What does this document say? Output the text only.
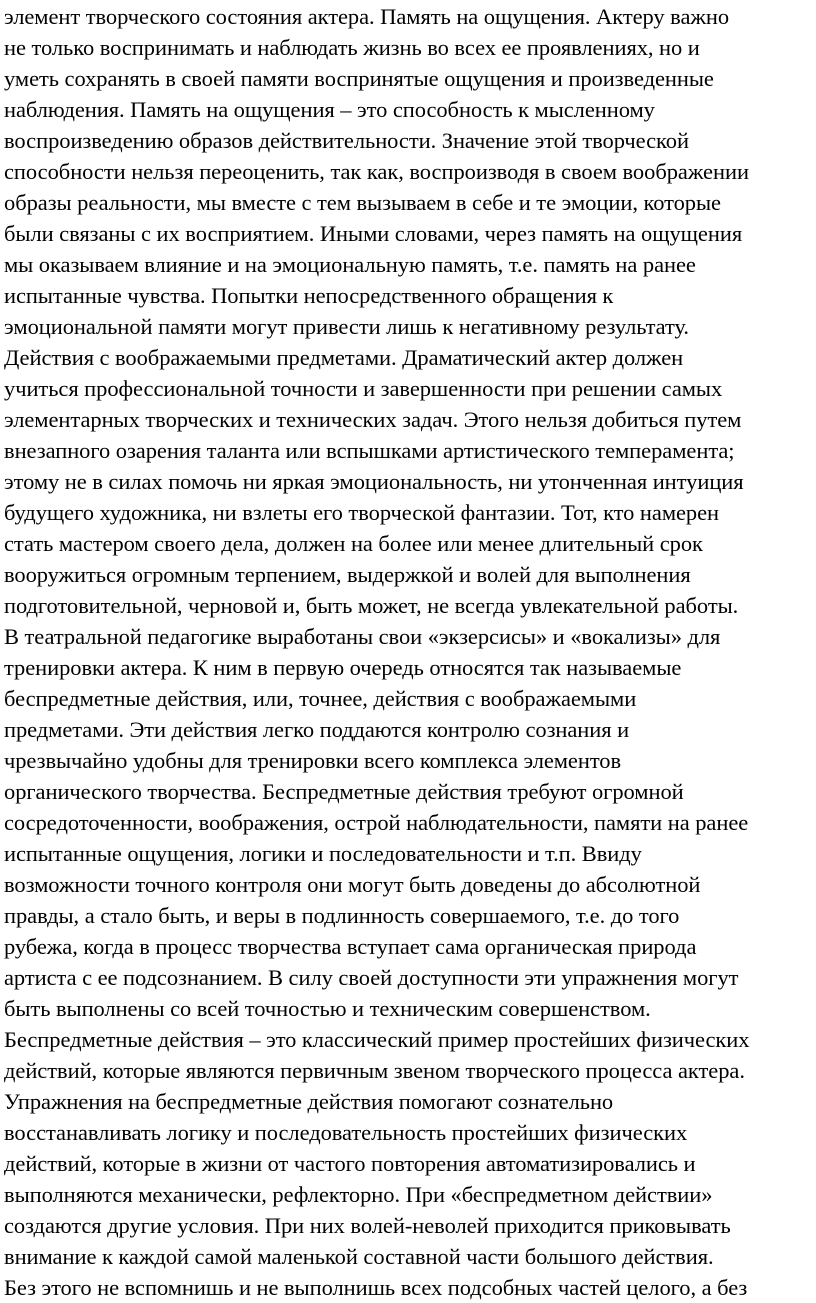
элемент творческого состояния актера. Память на ощущения. Актеру важно
не только воспринимать и наблюдать жизнь во всех ее проявлениях, но и
уметь сохранять в своей памяти воспринятые ощущения и произведенные
наблюдения. Память на ощущения – это способность к мысленному
воспроизведению образов действительности. Значение этой творческой
способности нельзя переоценить, так как, воспроизводя в своем воображении
образы реальности, мы вместе с тем вызываем в себе и те эмоции, которые
были связаны с их восприятием. Иными словами, через память на ощущения
мы оказываем влияние и на эмоциональную память, т.е. память на ранее
испытанные чувства. Попытки непосредственного обращения к
эмоциональной памяти могут привести лишь к негативному результату.
Действия с воображаемыми предметами. Драматический актер должен
учиться профессиональной точности и завершенности при решении самых
элементарных творческих и технических задач. Этого нельзя добиться путем
внезапного озарения таланта или вспышками артистического темперамента;
этому не в силах помочь ни яркая эмоциональность, ни утонченная интуиция
будущего художника, ни взлеты его творческой фантазии. Тот, кто намерен
стать мастером своего дела, должен на более или менее длительный срок
вооружиться огромным терпением, выдержкой и волей для выполнения
подготовительной, черновой и, быть может, не всегда увлекательной работы.
В театральной педагогике выработаны свои «экзерсисы» и «вокализы» для
тренировки актера. К ним в первую очередь относятся так называемые
беспредметные действия, или, точнее, действия с воображаемыми
предметами. Эти действия легко поддаются контролю сознания и
чрезвычайно удобны для тренировки всего комплекса элементов
органического творчества. Беспредметные действия требуют огромной
сосредоточенности, воображения, острой наблюдательности, памяти на ранее
испытанные ощущения, логики и последовательности и т.п. Ввиду
возможности точного контроля они могут быть доведены до абсолютной
правды, а стало быть, и веры в подлинность совершаемого, т.е. до того
рубежа, когда в процесс творчества вступает сама органическая природа
артиста с ее подсознанием. В силу своей доступности эти упражнения могут
быть выполнены со всей точностью и техническим совершенством.
Беспредметные действия – это классический пример простейших физических
действий, которые являются первичным звеном творческого процесса актера.
Упражнения на беспредметные действия помогают сознательно
восстанавливать логику и последовательность простейших физических
действий, которые в жизни от частого повторения автоматизировались и
выполняются механически, рефлекторно. При «беспредметном действии»
создаются другие условия. При них волей-неволей приходится приковывать
внимание к каждой самой маленькой составной части большого действия.
Без этого не вспомнишь и не выполнишь всех подсобных частей целого, а без
